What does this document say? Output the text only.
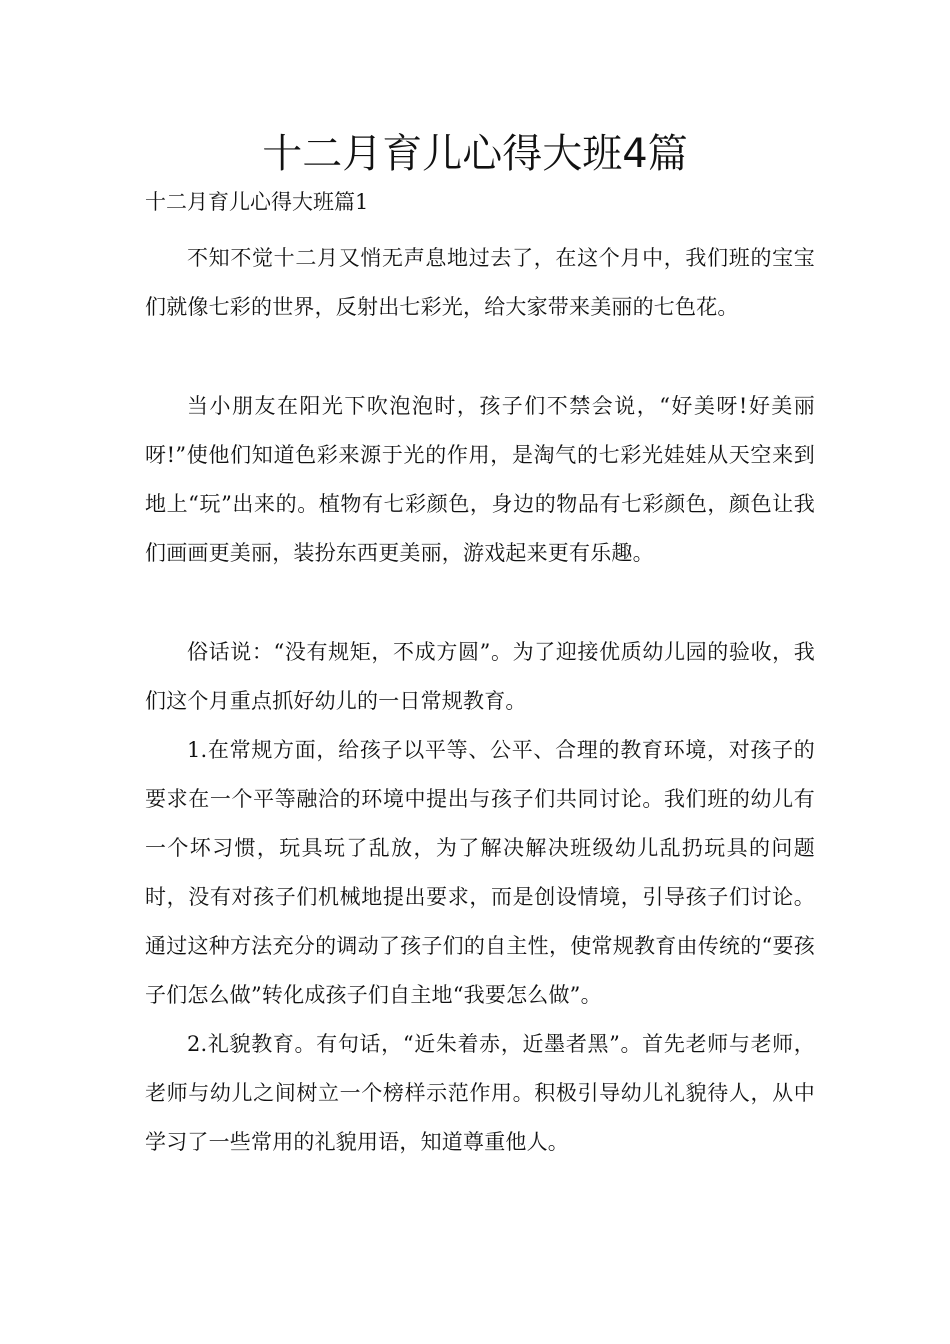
十二月育儿心得大班4篇
十二月育儿心得大班篇1

不知不觉十二月又悄无声息地过去了，在这个月中，我们班的宝宝们就像七彩的世界，反射出七彩光，给大家带来美丽的七色花。

当小朋友在阳光下吹泡泡时，孩子们不禁会说，“好美呀!好美丽呀!”使他们知道色彩来源于光的作用，是淘气的七彩光娃娃从天空来到地上“玩”出来的。植物有七彩颜色，身边的物品有七彩颜色，颜色让我们画画更美丽，装扮东西更美丽，游戏起来更有乐趣。

俗话说：“没有规矩，不成方圆”。为了迎接优质幼儿园的验收，我们这个月重点抓好幼儿的一日常规教育。

1.在常规方面，给孩子以平等、公平、合理的教育环境，对孩子的要求在一个平等融洽的环境中提出与孩子们共同讨论。我们班的幼儿有一个坏习惯，玩具玩了乱放，为了解决解决班级幼儿乱扔玩具的问题时，没有对孩子们机械地提出要求，而是创设情境，引导孩子们讨论。通过这种方法充分的调动了孩子们的自主性，使常规教育由传统的“要孩子们怎么做”转化成孩子们自主地“我要怎么做”。

2.礼貌教育。有句话，“近朱着赤，近墨者黑”。首先老师与老师，老师与幼儿之间树立一个榜样示范作用。积极引导幼儿礼貌待人，从中学习了一些常用的礼貌用语，知道尊重他人。
